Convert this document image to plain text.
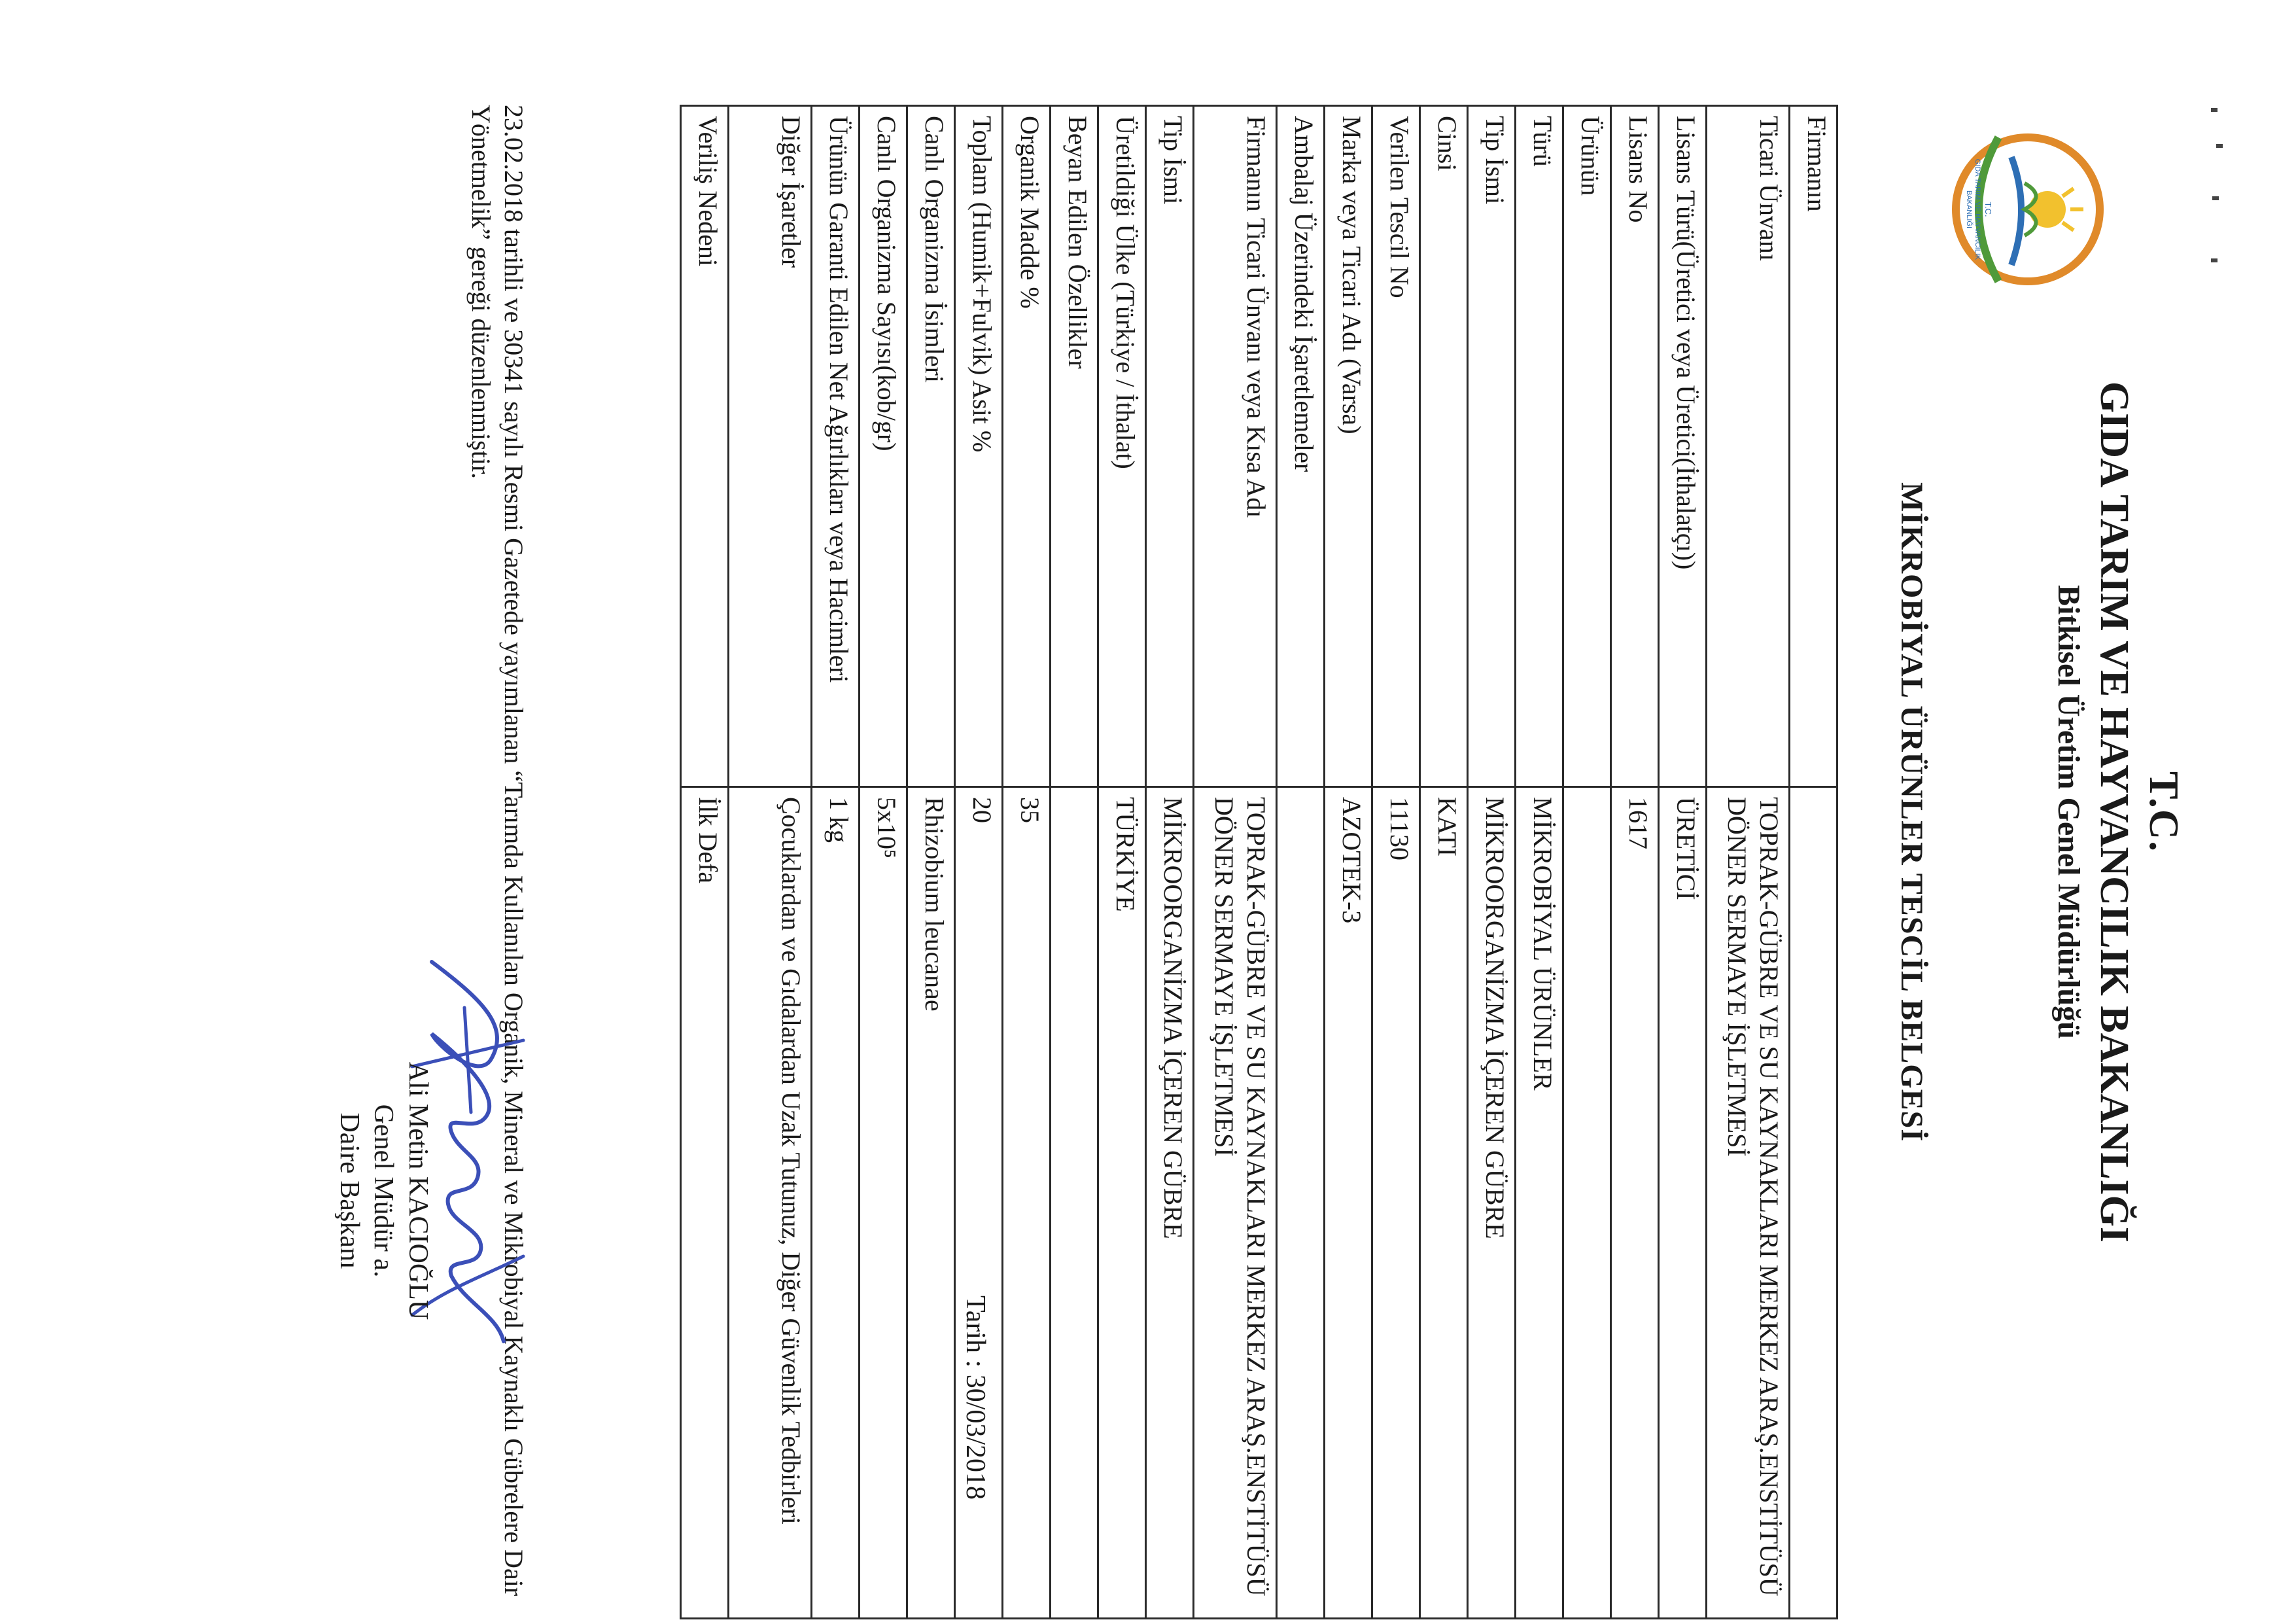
T.C.
GIDA TARIM VE HAYVANCILIK
BAKANLIĞI
T.C.
GIDA TARIM VE HAYVANCILIK BAKANLIĞI
Bitkisel Üretim Genel Müdürlüğü
MİKROBİYAL ÜRÜNLER TESCİL BELGESİ
Firmanın	
Ticari Ünvanı	TOPRAK-GÜBRE VE SU KAYNAKLARI MERKEZ ARAŞ.ENSTİTÜSÜ DÖNER SERMAYE İŞLETMESİ
Lisans Türü(Üretici veya Üretici(İthalatçı))	ÜRETİCİ
Lisans No	1617
Ürünün	
Türü	MİKROBİYAL ÜRÜNLER
Tip İsmi	MİKROORGANİZMA İÇEREN GÜBRE
Cinsi	KATI
Verilen Tescil No	11130
Marka veya Ticari Adı (Varsa)	AZOTEK-3
Ambalaj Üzerindeki İşaretlemeler	
Firmanın Ticari Ünvanı veya Kısa Adı	TOPRAK-GÜBRE VE SU KAYNAKLARI MERKEZ ARAŞ.ENSTİTÜSÜ DÖNER SERMAYE İŞLETMESİ
Tip İsmi	MİKROORGANİZMA İÇEREN GÜBRE
Üretildiği Ülke (Türkiye / İthalat)	TÜRKİYE
Beyan Edilen Özellikler	
Organik Madde %	35
Toplam (Humik+Fulvik) Asit %	20
Canlı Organizma İsimleri	Rhizobium leucanae
Canlı Organizma Sayısı(kob/gr)	5x10⁵
Ürünün Garanti Edilen Net Ağırlıkları veya Hacimleri	1 kg
Diğer İşaretler	Çocuklardan ve Gıdalardan Uzak Tutunuz, Diğer Güvenlik Tedbirleri
Veriliş Nedeni	İlk Defa
23.02.2018 tarihli ve 30341 sayılı Resmi Gazetede yayımlanan “Tarımda Kullanılan Organik, Mineral ve Mikrobiyal Kaynaklı Gübrelere Dair Yönetmelik” gereği düzenlenmiştir.
Tarih : 30/03/2018
Ali Metin KACIOĞLU
Genel Müdür a.
Daire Başkanı
